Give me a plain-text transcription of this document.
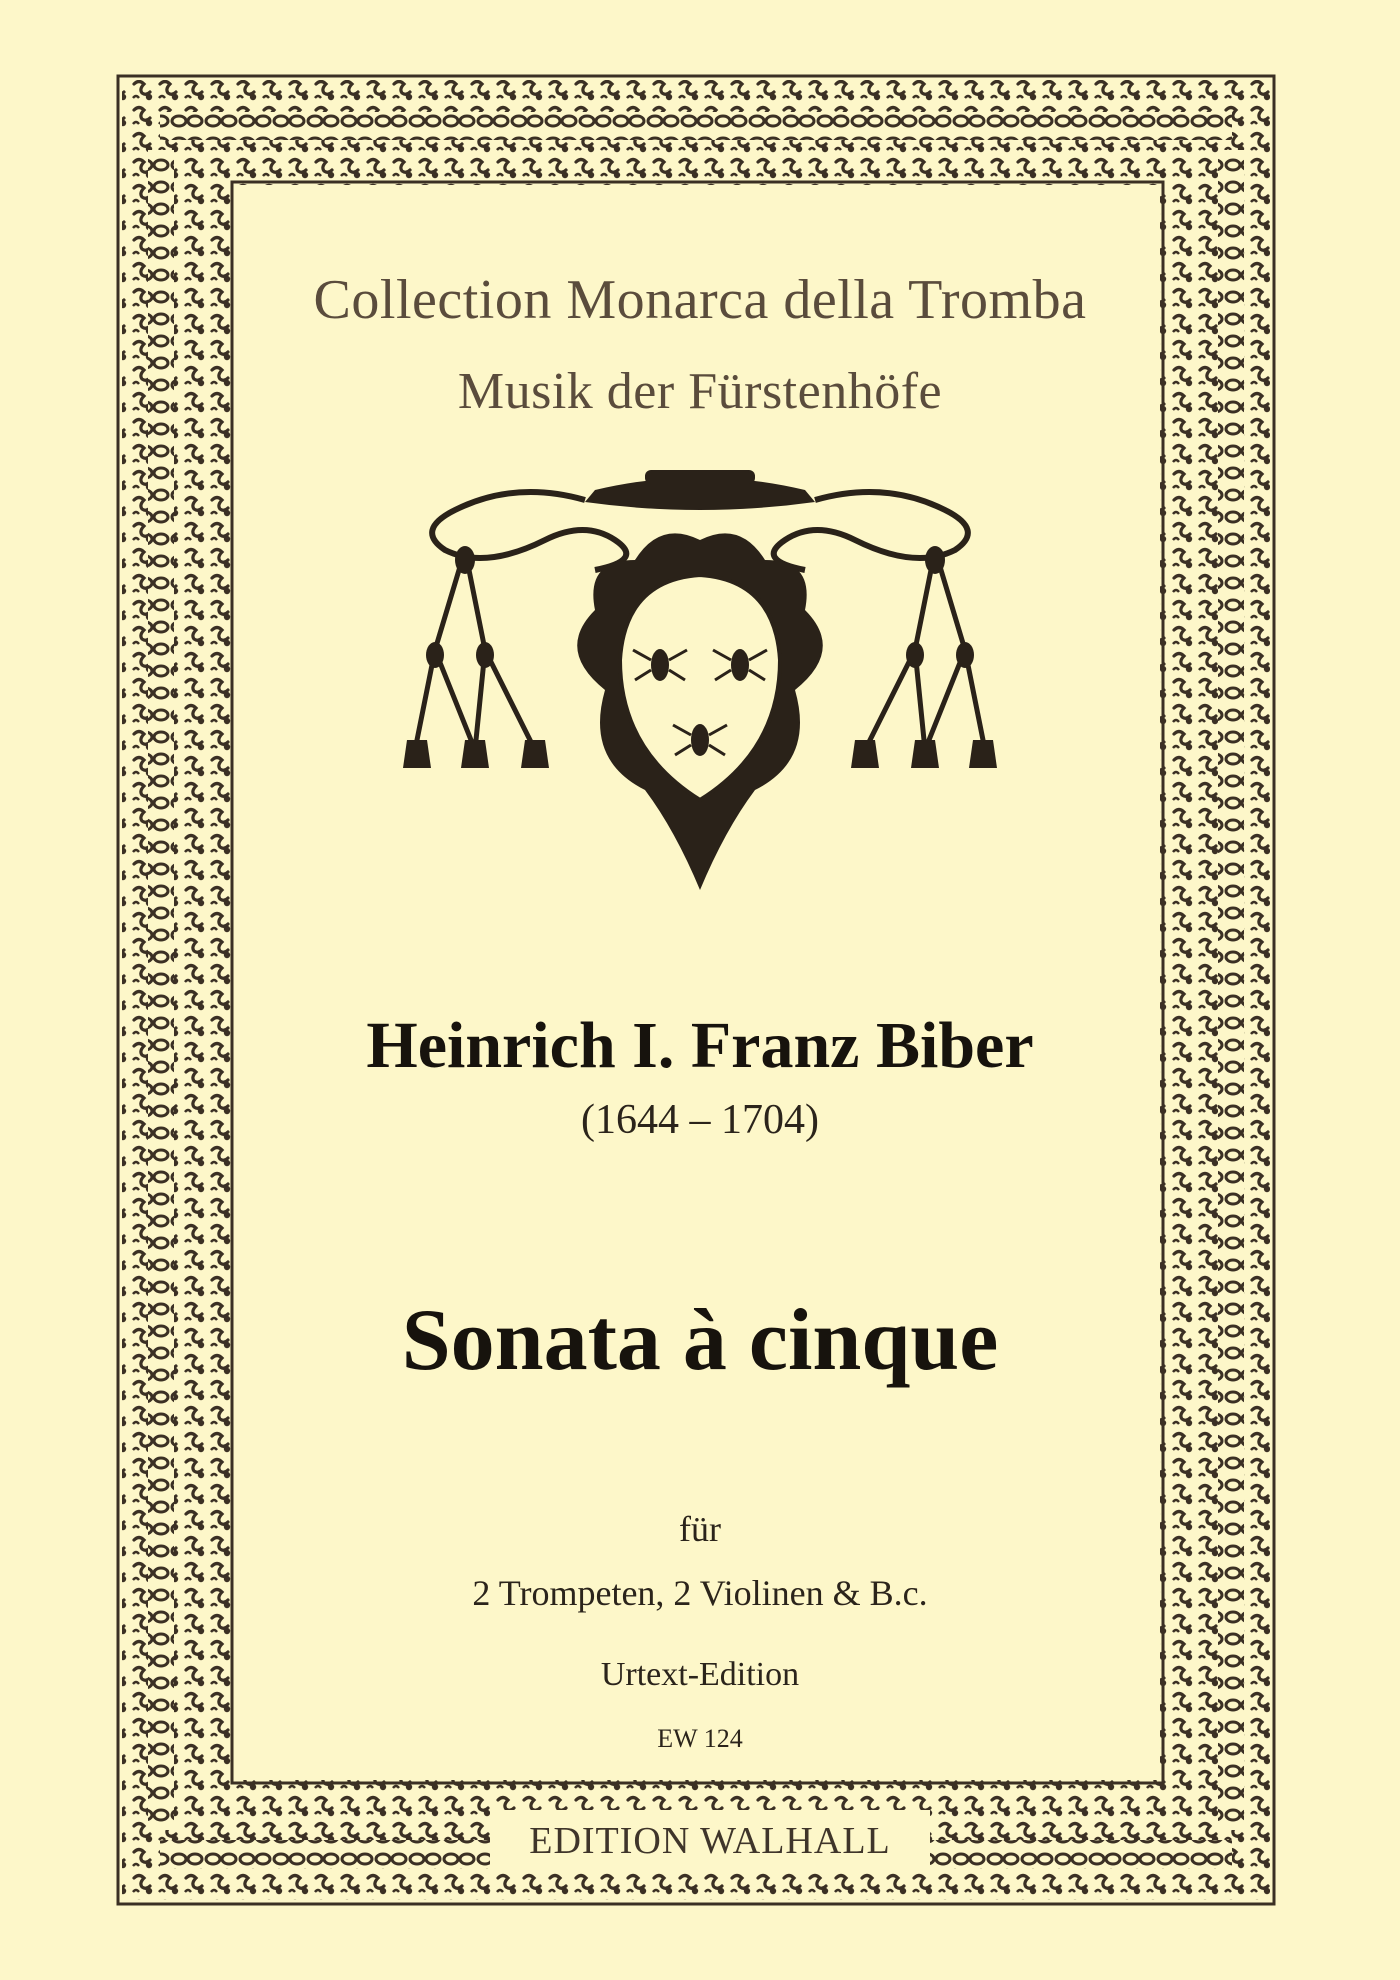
Collection Monarca della Tromba
Musik der Fürstenhöfe
Heinrich I. Franz Biber
(1644 – 1704)
Sonata à cinque
für
2 Trompeten, 2 Violinen & B.c.
Urtext-Edition
EW 124
EDITION WALHALL
